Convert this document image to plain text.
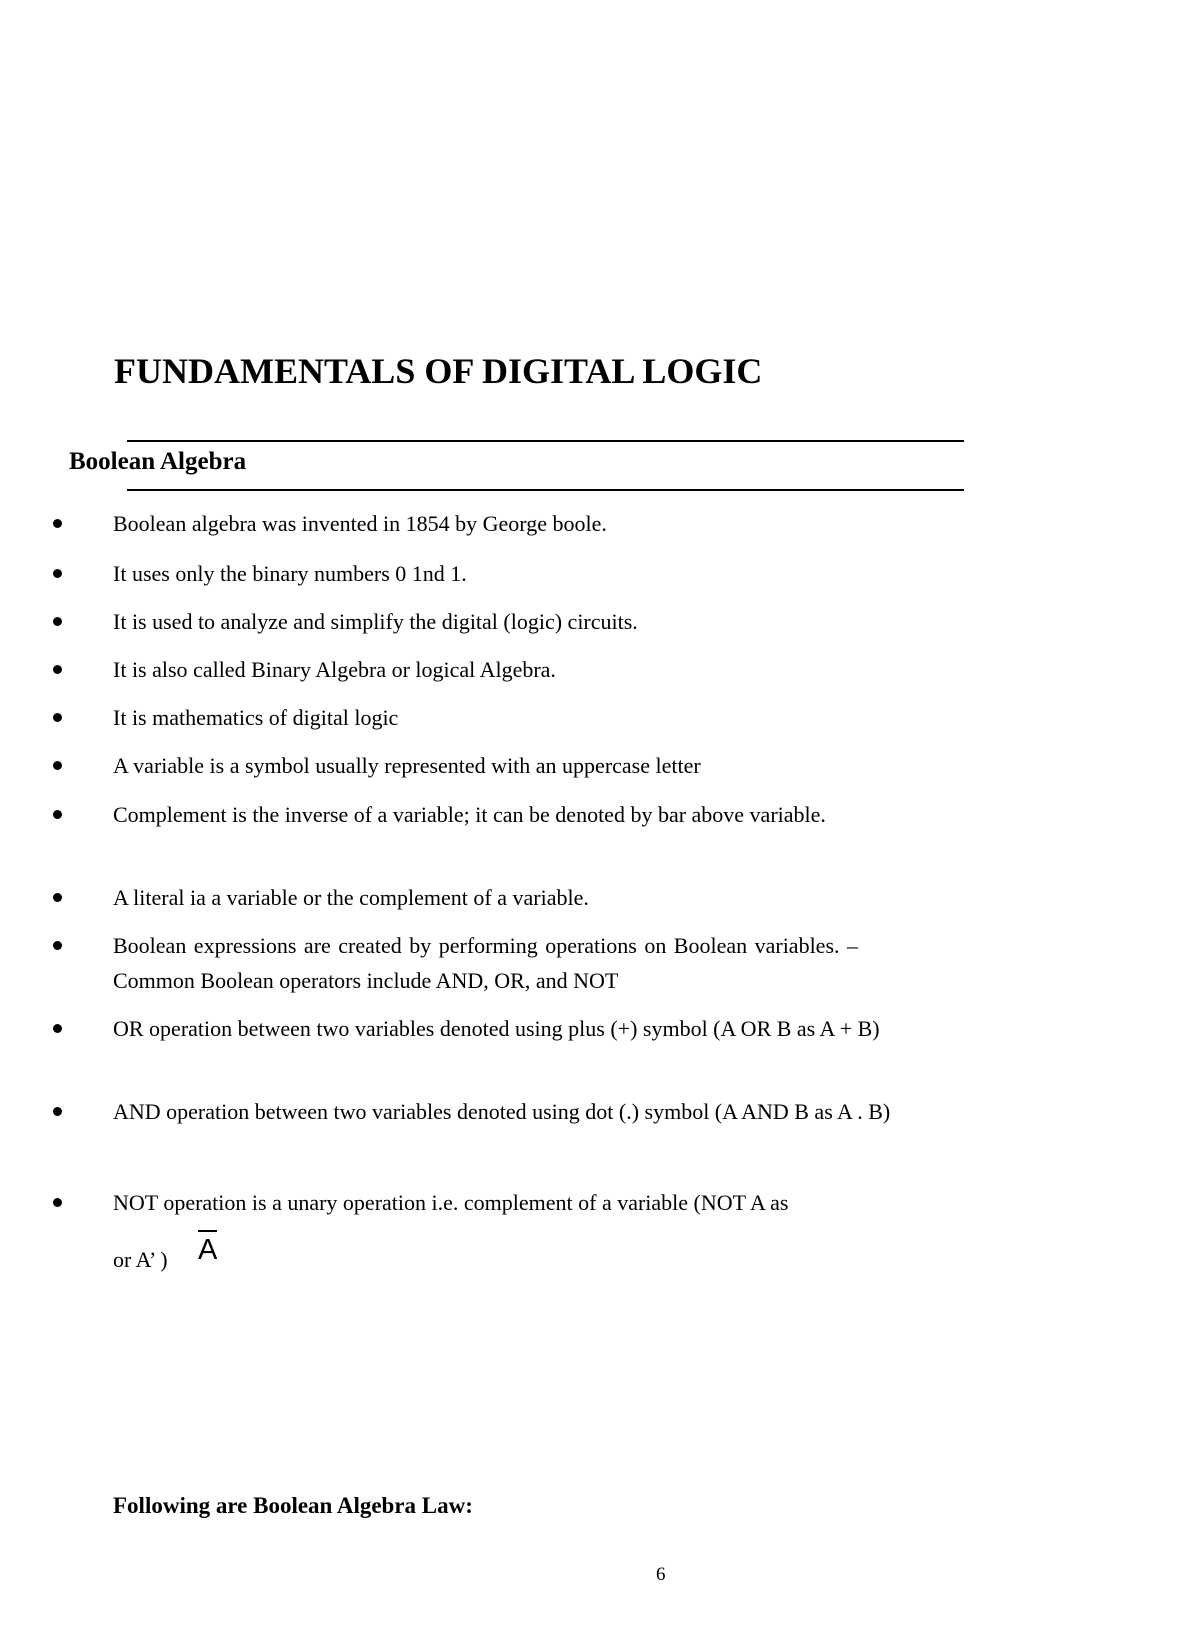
FUNDAMENTALS OF DIGITAL LOGIC
Boolean Algebra
Boolean algebra was invented in 1854 by George boole.
It uses only the binary numbers 0 1nd 1.
It is used to analyze and simplify the digital (logic) circuits.
It is also called Binary Algebra or logical Algebra.
It is mathematics of digital logic
A variable is a symbol usually represented with an uppercase letter
Complement is the inverse of a variable; it can be denoted by bar above variable.
A literal ia a variable or the complement of a variable.
Boolean expressions are created by performing operations on Boolean variables. – Common Boolean operators include AND, OR, and NOT
OR operation between two variables denoted using plus (+) symbol (A OR B as A + B)
AND operation between two variables denoted using dot (.) symbol (A AND B as A . B)
NOT operation is a unary operation i.e. complement of a variable (NOT A as
or A’ )	A
Following are Boolean Algebra Law:
6
